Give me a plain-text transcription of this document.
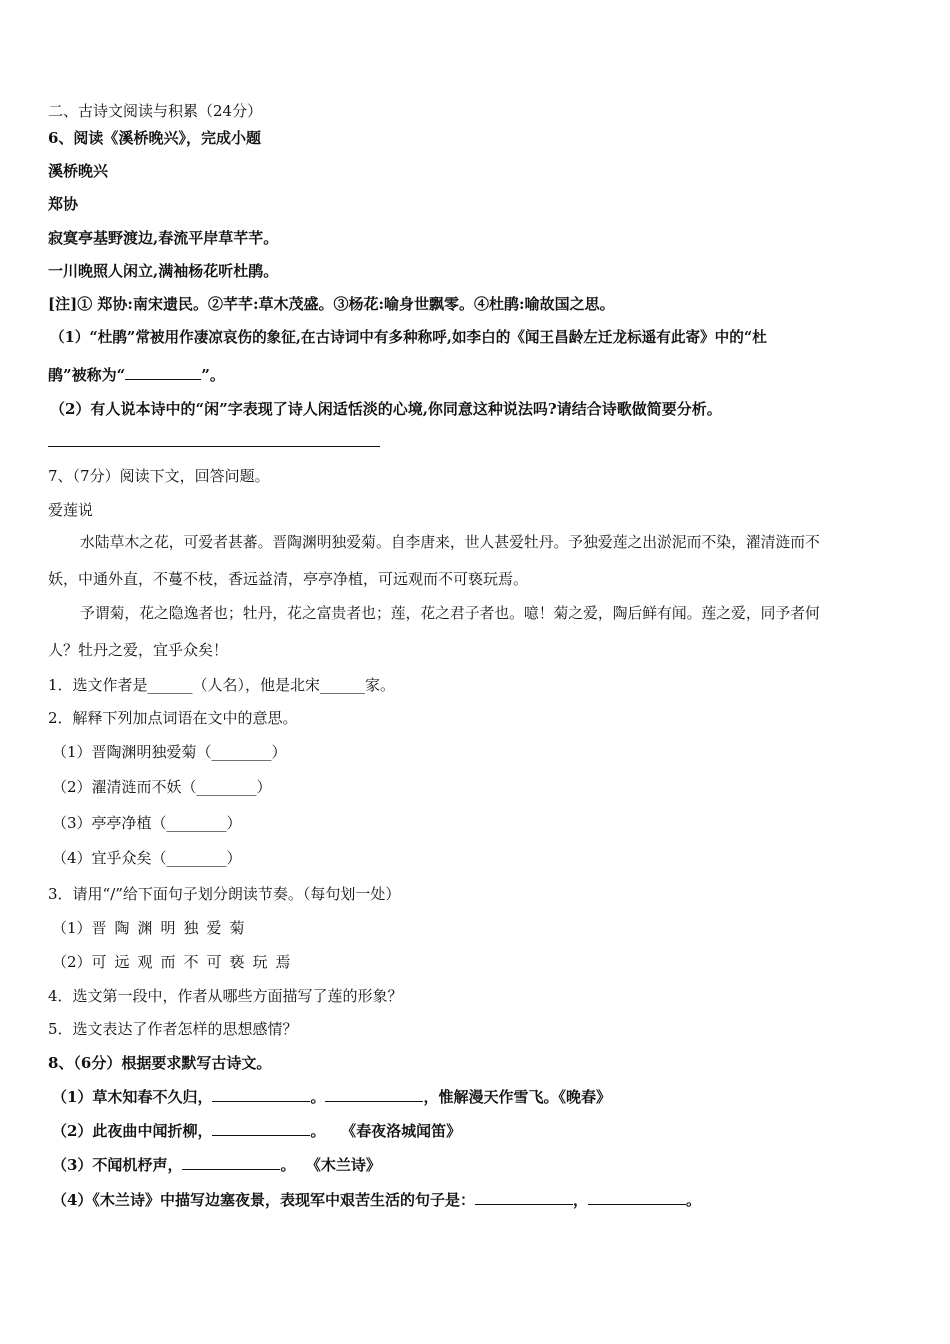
二、古诗文阅读与积累（24分）
6、阅读《溪桥晚兴》，完成小题
溪桥晚兴
郑协
寂寞亭基野渡边,春流平岸草芊芊。
一川晚照人闲立,满袖杨花听杜鹃。
[注]① 郑协:南宋遗民。②芊芊:草木茂盛。③杨花:喻身世飘零。④杜鹃:喻故国之思。
（1）“杜鹃”常被用作凄凉哀伤的象征,在古诗词中有多种称呼,如李白的《闻王昌龄左迁龙标遥有此寄》中的“杜
鹃”被称为“	”。
（2）有人说本诗中的“闲”字表现了诗人闲适恬淡的心境,你同意这种说法吗?请结合诗歌做简要分析。
7、（7分）阅读下文，回答问题。
爱莲说
水陆草木之花，可爱者甚蕃。晋陶渊明独爱菊。自李唐来，世人甚爱牡丹。予独爱莲之出淤泥而不染，濯清涟而不
妖，中通外直，不蔓不枝，香远益清，亭亭净植，可远观而不可亵玩焉。
予谓菊，花之隐逸者也；牡丹，花之富贵者也；莲，花之君子者也。噫！菊之爱，陶后鲜有闻。莲之爱，同予者何
人？牡丹之爱，宜乎众矣！
1．选文作者是______（人名），他是北宋______家。
2．解释下列加点词语在文中的意思。
（1）晋陶渊明独爱菊（________）
（2）濯清涟而不妖（________）
（3）亭亭净植（________）
（4）宜乎众矣（________）
3．请用“/”给下面句子划分朗读节奏。（每句划一处）
（1）晋陶渊明独爱菊
（2）可远观而不可亵玩焉
4．选文第一段中，作者从哪些方面描写了莲的形象？
5．选文表达了作者怎样的思想感情？
8、（6分）根据要求默写古诗文。
（1）草木知春不久归，	。	，惟解漫天作雪飞。《晚春》
（2）此夜曲中闻折柳，	。   《春夜洛城闻笛》
（3）不闻机杼声，	。  《木兰诗》
（4）《木兰诗》中描写边塞夜景，表现军中艰苦生活的句子是：	，	。
